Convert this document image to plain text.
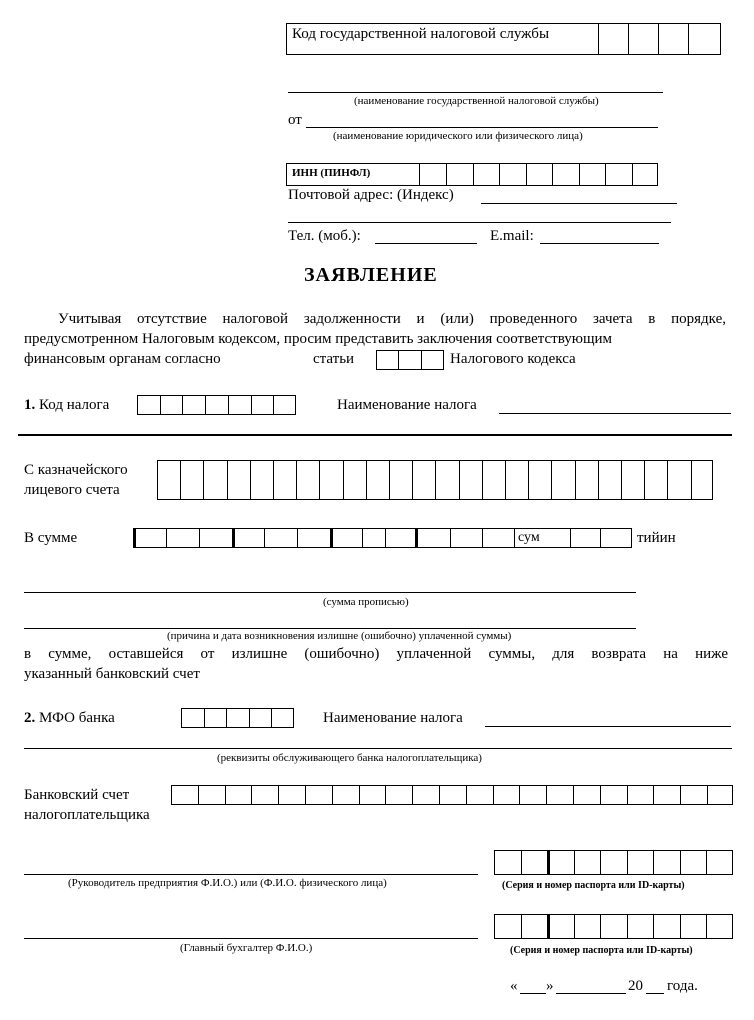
Код государственной налоговой службы
(наименование государственной налоговой службы)
от
(наименование юридического или физического лица)
ИНН (ПИНФЛ)
Почтовой адрес: (Индекс)
Тел. (моб.):	E.mail:
ЗАЯВЛЕНИЕ
Учитывая отсутствие налоговой задолженности и (или) проведенного зачета в порядке,
предусмотренном Налоговым кодексом, просим представить заключения соответствующим
финансовым органам согласно	статьи	Налогового кодекса
1. Код налога	Наименование налога
С казначейского
лицевого счета
В сумме	сум	тийин
(сумма прописью)
(причина и дата возникновения излишне (ошибочно) уплаченной суммы)
в сумме, оставшейся от излишне (ошибочно) уплаченной суммы, для возврата на ниже
указанный банковский счет
2. МФО банка	Наименование налога
(реквизиты обслуживающего банка налогоплательщика)
Банковский счет
налогоплательщика
(Руководитель предприятия Ф.И.О.) или (Ф.И.О. физического лица)	(Серия и номер паспорта или ID-карты)
(Главный бухгалтер Ф.И.О.)	(Серия и номер паспорта или ID-карты)
« »	20 года.
